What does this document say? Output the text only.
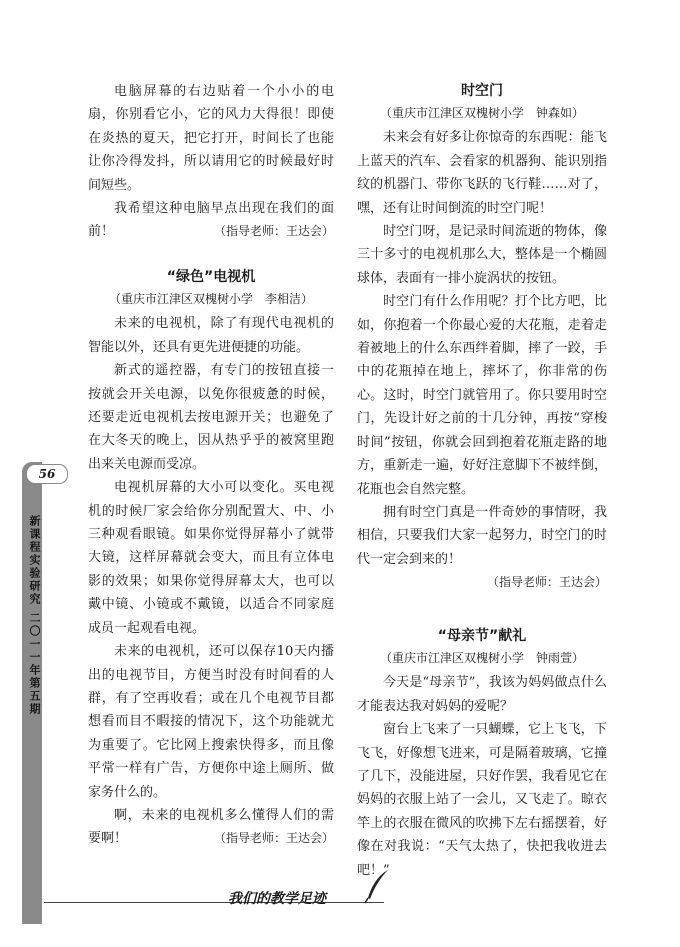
56
新课程实验研究 二〇一一年第五期

电脑屏幕的右边贴着一个小小的电扇，你别看它小，它的风力大得很！即使在炎热的夏天，把它打开，时间长了也能让你冷得发抖，所以请用它的时候最好时间短些。

我希望这种电脑早点出现在我们的面前！	（指导老师：王达会）

“绿色”电视机
（重庆市江津区双槐树小学　李相洁）

未来的电视机，除了有现代电视机的智能以外，还具有更先进便捷的功能。

新式的遥控器，有专门的按钮直接一按就会开关电源，以免你很疲惫的时候，还要走近电视机去按电源开关；也避免了在大冬天的晚上，因从热乎乎的被窝里跑出来关电源而受凉。

电视机屏幕的大小可以变化。买电视机的时候厂家会给你分别配置大、中、小三种观看眼镜。如果你觉得屏幕小了就带大镜，这样屏幕就会变大，而且有立体电影的效果；如果你觉得屏幕太大，也可以戴中镜、小镜或不戴镜，以适合不同家庭成员一起观看电视。

未来的电视机，还可以保存10天内播出的电视节目，方便当时没有时间看的人群，有了空再收看；或在几个电视节目都想看而目不暇接的情况下，这个功能就尤为重要了。它比网上搜索快得多，而且像平常一样有广告，方便你中途上厕所、做家务什么的。

啊，未来的电视机多么懂得人们的需要啊！	（指导老师：王达会）

时空门
（重庆市江津区双槐树小学　钟森如）

未来会有好多让你惊奇的东西呢：能飞上蓝天的汽车、会看家的机器狗、能识别指纹的机器门、带你飞跃的飞行鞋……对了，嘿，还有让时间倒流的时空门呢！

时空门呀，是记录时间流逝的物体，像三十多寸的电视机那么大，整体是一个椭圆球体，表面有一排小旋涡状的按钮。

时空门有什么作用呢？打个比方吧，比如，你抱着一个你最心爱的大花瓶，走着走着被地上的什么东西绊着脚，摔了一跤，手中的花瓶掉在地上，摔坏了，你非常的伤心。这时，时空门就管用了。你只要用时空门，先设计好之前的十几分钟，再按“穿梭时间”按钮，你就会回到抱着花瓶走路的地方，重新走一遍，好好注意脚下不被绊倒，花瓶也会自然完整。

拥有时空门真是一件奇妙的事情呀，我相信，只要我们大家一起努力，时空门的时代一定会到来的！
（指导老师：王达会）

“母亲节”献礼
（重庆市江津区双槐树小学　钟雨萱）

今天是“母亲节”，我该为妈妈做点什么才能表达我对妈妈的爱呢？

窗台上飞来了一只蝴蝶，它上飞飞，下飞飞，好像想飞进来，可是隔着玻璃，它撞了几下，没能进屋，只好作罢，我看见它在妈妈的衣服上站了一会儿，又飞走了。晾衣竿上的衣服在微风的吹拂下左右摇摆着，好像在对我说：“天气太热了，快把我收进去吧！”

我们的教学足迹
